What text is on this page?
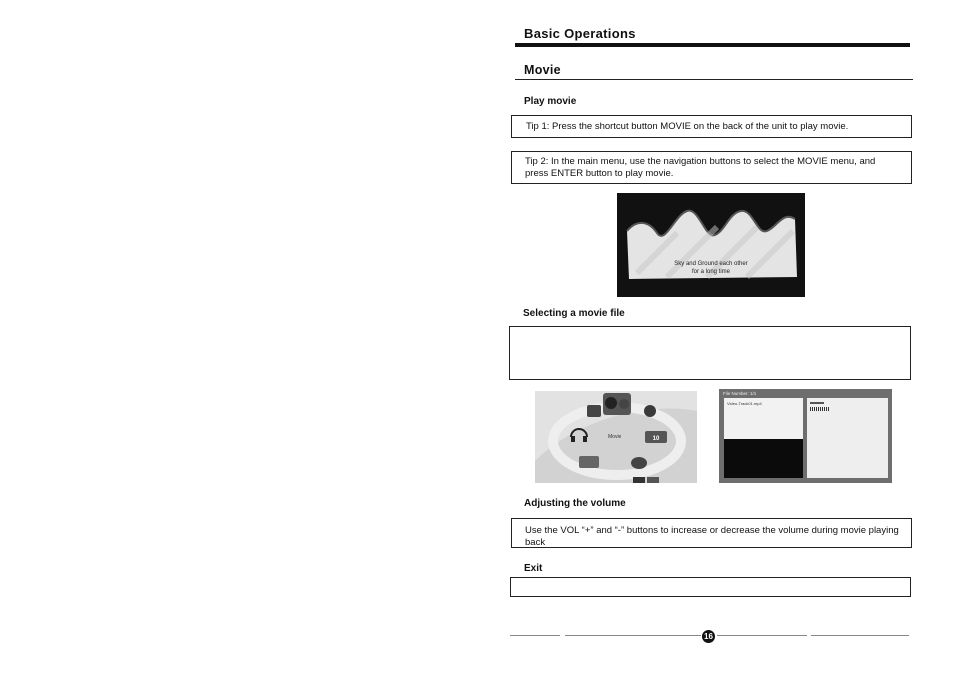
Basic Operations
Movie
Play movie
Tip 1: Press the shortcut button MOVIE on the back of the unit to play movie.
Tip 2: In the main menu, use the navigation buttons to select the MOVIE menu, and press ENTER button to play movie.
Sky and Ground each other
for a long time
Selecting a movie file
Movie	10
File Number: 1/1
Video-Track01.mp4
Adjusting the volume
Use the VOL “+” and “-” buttons to increase or decrease the volume during movie playing back
Exit
16
